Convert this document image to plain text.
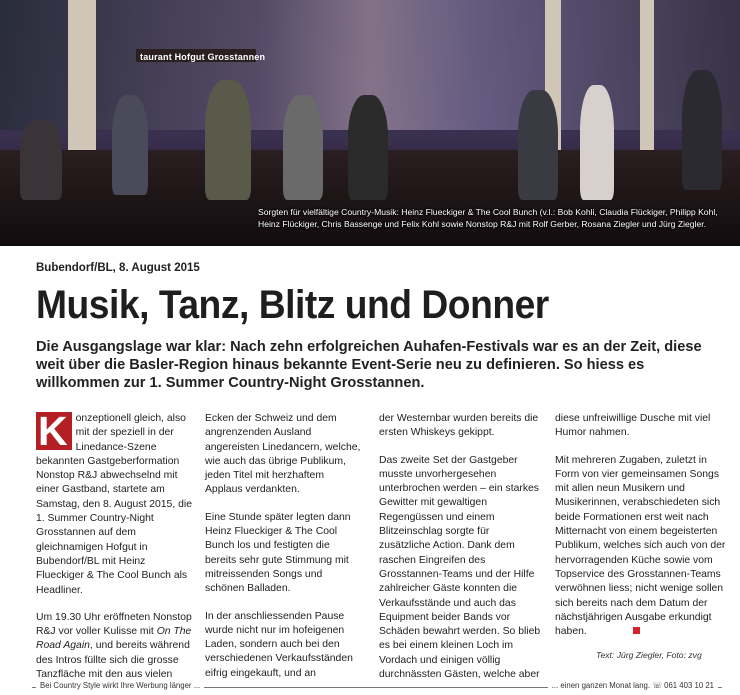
taurant Hofgut Grosstannen
Sorgten für vielfältige Country-Musik: Heinz Flueckiger & The Cool Bunch (v.l.: Bob Kohli, Claudia Flückiger, Philipp Kohl, Heinz Flückiger, Chris Bassenge und Felix Kohl sowie Nonstop R&J mit Rolf Gerber, Rosana Ziegler und Jürg Ziegler.
Bubendorf/BL, 8. August 2015
Musik, Tanz, Blitz und Donner
Die Ausgangslage war klar: Nach zehn erfolgreichen Auhafen-Festivals war es an der Zeit, diese weit über die Basler-Region hinaus bekannte Event-Serie neu zu definieren. So hiess es willkommen zur 1. Summer Country-Night Grosstannen.

K onzeptionell gleich, also mit der speziell in der Linedance-Szene bekannten Gastgeberformation Nonstop R&J abwechselnd mit einer Gastband, startete am Samstag, den 8. August 2015, die 1. Summer Country-Night Grosstannen auf dem gleichnamigen Hofgut in Bubendorf/BL mit Heinz Flueckiger & The Cool Bunch als Headliner.

Um 19.30 Uhr eröffneten Nonstop R&J vor voller Kulisse mit On The Road Again, und bereits während des Intros füllte sich die grosse Tanzfläche mit den aus vielen

Ecken der Schweiz und dem angrenzenden Ausland angereisten Linedancern, welche, wie auch das übrige Publikum, jeden Titel mit herzhaftem Applaus verdankten.

Eine Stunde später legten dann Heinz Flueckiger & The Cool Bunch los und festigten die bereits sehr gute Stimmung mit mitreissenden Songs und schönen Balladen.

In der anschliessenden Pause wurde nicht nur im hofeigenen Laden, sondern auch bei den verschiedenen Verkaufsständen eifrig eingekauft, und an

der Westernbar wurden bereits die ersten Whiskeys gekippt.

Das zweite Set der Gastgeber musste unvorhergesehen unterbrochen werden – ein starkes Gewitter mit gewaltigen Regengüssen und einem Blitzeinschlag sorgte für zusätzliche Action. Dank dem raschen Eingreifen des Grosstannen-Teams und der Hilfe zahlreicher Gäste konnten die Verkaufsstände und auch das Equipment beider Bands vor Schäden bewahrt werden. So blieb es bei einem kleinen Loch im Vordach und einigen völlig durchnässten Gästen, welche aber

diese unfreiwillige Dusche mit viel Humor nahmen.

Mit mehreren Zugaben, zuletzt in Form von vier gemeinsamen Songs mit allen neun Musikern und Musikerinnen, verabschiedeten sich beide Formationen erst weit nach Mitternacht von einem begeisterten Publikum, welches sich auch von der hervorragenden Küche sowie vom Topservice des Grosstannen-Teams verwöhnen liess; nicht wenige sollen sich bereits nach dem Datum der nächstjährigen Ausgabe erkundigt haben.

Text: Jürg Ziegler, Foto: zvg
Bei Country Style wirkt Ihre Werbung länger ...	... einen ganzen Monat lang. ☏ 061 403 10 21
